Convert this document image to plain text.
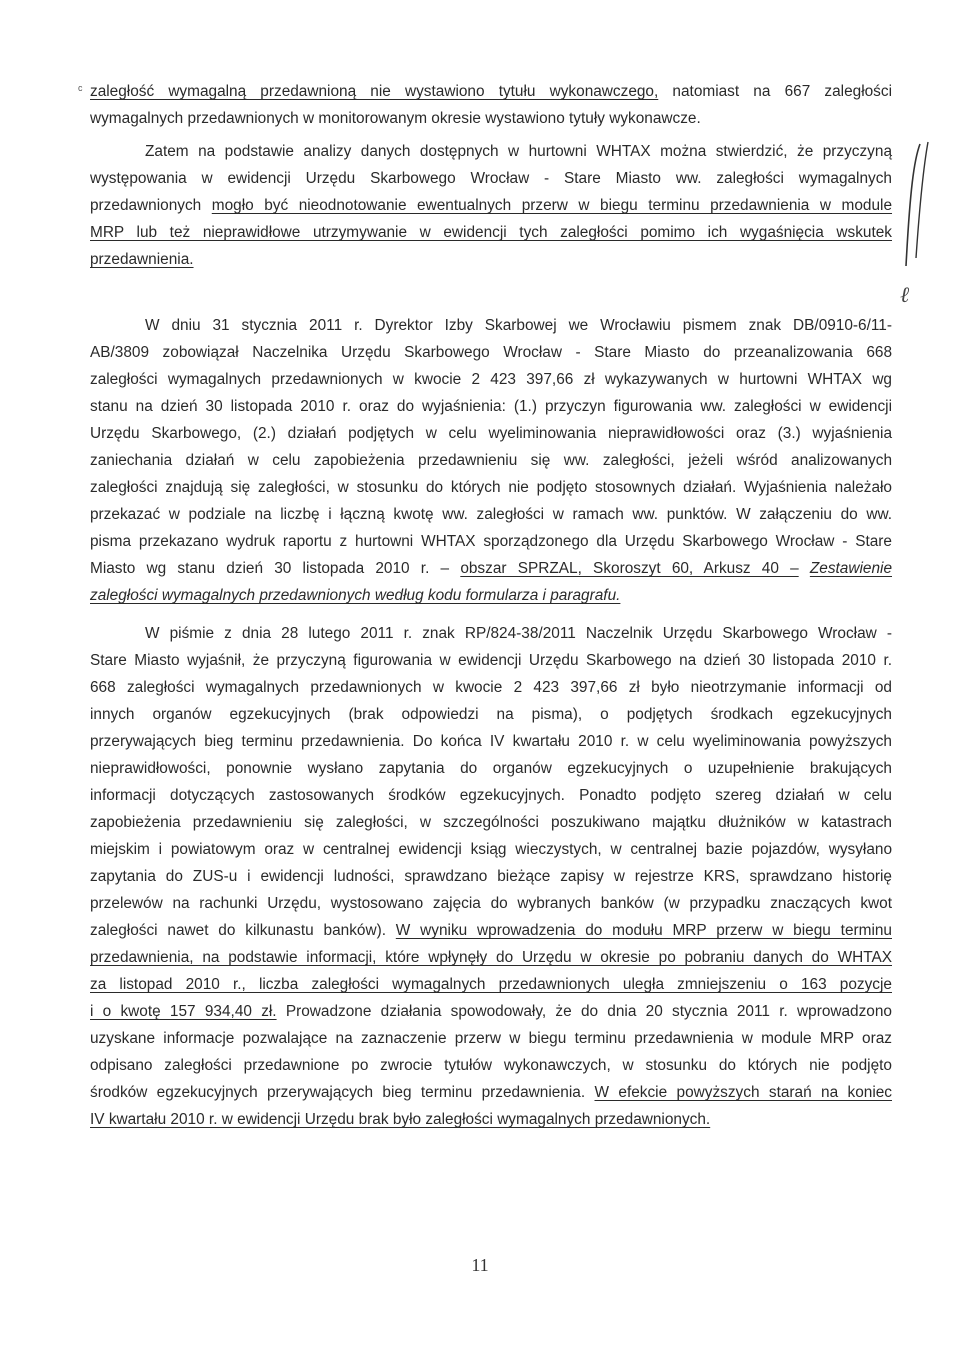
ᶜ zaległość wymagalną przedawnioną nie wystawiono tytułu wykonawczego, natomiast na 667 zaległości
wymagalnych przedawnionych w monitorowanym okresie wystawiono tytuły wykonawcze.
Zatem na podstawie analizy danych dostępnych w hurtowni WHTAX można stwierdzić, że przyczyną
występowania w ewidencji Urzędu Skarbowego Wrocław - Stare Miasto ww. zaległości wymagalnych
przedawnionych mogło być nieodnotowanie ewentualnych przerw w biegu terminu przedawnienia w module
MRP lub też nieprawidłowe utrzymywanie w ewidencji tych zaległości pomimo ich wygaśnięcia wskutek
przedawnienia.
W dniu 31 stycznia 2011 r. Dyrektor Izby Skarbowej we Wrocławiu pismem znak DB/0910-6/11-
AB/3809 zobowiązał Naczelnika Urzędu Skarbowego Wrocław - Stare Miasto do przeanalizowania 668
zaległości wymagalnych przedawnionych w kwocie 2 423 397,66 zł wykazywanych w hurtowni WHTAX wg
stanu na dzień 30 listopada 2010 r. oraz do wyjaśnienia: (1.) przyczyn figurowania ww. zaległości w ewidencji
Urzędu Skarbowego, (2.) działań podjętych w celu wyeliminowania nieprawidłowości oraz (3.) wyjaśnienia
zaniechania działań w celu zapobieżenia przedawnieniu się ww. zaległości, jeżeli wśród analizowanych
zaległości znajdują się zaległości, w stosunku do których nie podjęto stosownych działań. Wyjaśnienia należało
przekazać w podziale na liczbę i łączną kwotę ww. zaległości w ramach ww. punktów. W załączeniu do ww.
pisma przekazano wydruk raportu z hurtowni WHTAX sporządzonego dla Urzędu Skarbowego Wrocław - Stare
Miasto wg stanu dzień 30 listopada 2010 r. – obszar SPRZAL, Skoroszyt 60, Arkusz 40 – Zestawienie
zaległości wymagalnych przedawnionych według kodu formularza i paragrafu.
W piśmie z dnia 28 lutego 2011 r. znak RP/824-38/2011 Naczelnik Urzędu Skarbowego Wrocław -
Stare Miasto wyjaśnił, że przyczyną figurowania w ewidencji Urzędu Skarbowego na dzień 30 listopada 2010 r.
668 zaległości wymagalnych przedawnionych w kwocie 2 423 397,66 zł było nieotrzymanie informacji od
innych organów egzekucyjnych (brak odpowiedzi na pisma), o podjętych środkach egzekucyjnych
przerywających bieg terminu przedawnienia. Do końca IV kwartału 2010 r. w celu wyeliminowania powyższych
nieprawidłowości, ponownie wysłano zapytania do organów egzekucyjnych o uzupełnienie brakujących
informacji dotyczących zastosowanych środków egzekucyjnych. Ponadto podjęto szereg działań w celu
zapobieżenia przedawnieniu się zaległości, w szczególności poszukiwano majątku dłużników w katastrach
miejskim i powiatowym oraz w centralnej ewidencji ksiąg wieczystych, w centralnej bazie pojazdów, wysyłano
zapytania do ZUS-u i ewidencji ludności, sprawdzano bieżące zapisy w rejestrze KRS, sprawdzano historię
przelewów na rachunki Urzędu, wystosowano zajęcia do wybranych banków (w przypadku znaczących kwot
zaległości nawet do kilkunastu banków). W wyniku wprowadzenia do modułu MRP przerw w biegu terminu
przedawnienia, na podstawie informacji, które wpłynęły do Urzędu w okresie po pobraniu danych do WHTAX
za listopad 2010 r., liczba zaległości wymagalnych przedawnionych uległa zmniejszeniu o 163 pozycje
i o kwotę 157 934,40 zł. Prowadzone działania spowodowały, że do dnia 20 stycznia 2011 r. wprowadzono
uzyskane informacje pozwalające na zaznaczenie przerw w biegu terminu przedawnienia w module MRP oraz
odpisano zaległości przedawnione po zwrocie tytułów wykonawczych, w stosunku do których nie podjęto
środków egzekucyjnych przerywających bieg terminu przedawnienia. W efekcie powyższych starań na koniec
IV kwartału 2010 r. w ewidencji Urzędu brak było zaległości wymagalnych przedawnionych.
ℓ
11
